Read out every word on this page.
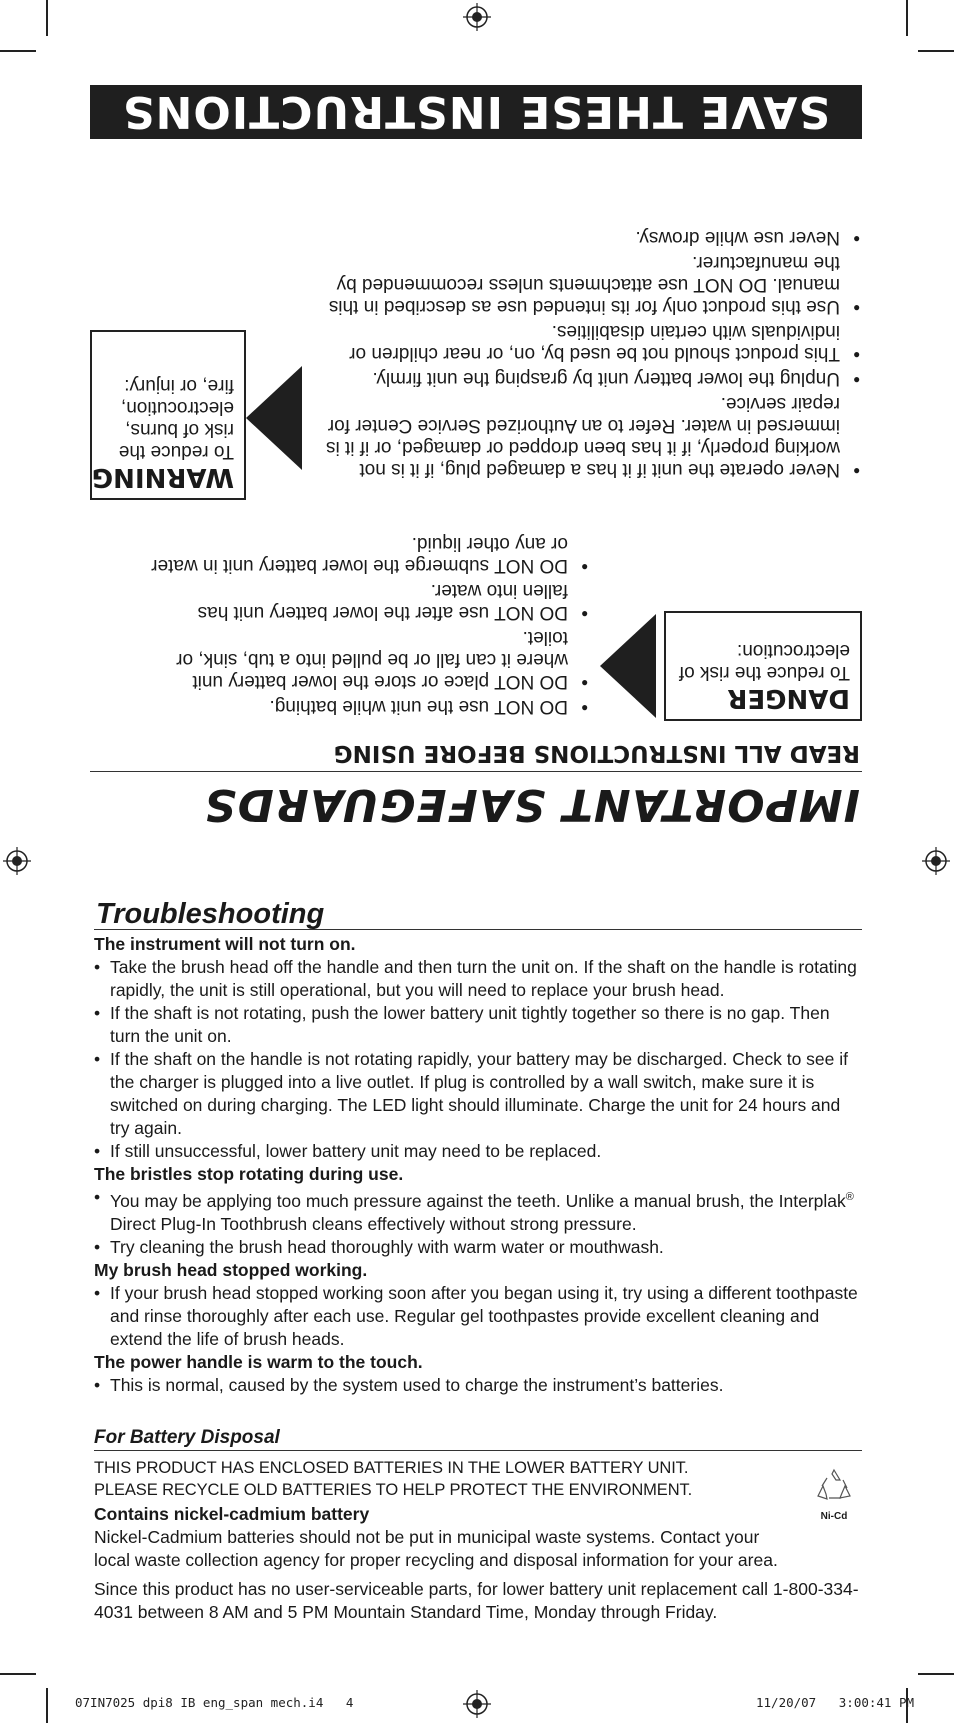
IMPORTANT SAFEGUARDS
READ ALL INSTRUCTIONS BEFORE USING
DANGER
To reduce the risk of electrocution:
• DO NOT use the unit while bathing.
• DO NOT place or store the lower battery unit where it can fall or be pulled into a tub, sink, or toilet.
• DO NOT use after the lower battery unit has fallen into water.
• DO NOT submerge the lower battery unit in water or any other liquid.
WARNING
To reduce the risk of burns, electrocution, fire, or injury:
• Never operate the unit if it has a damaged plug, if it is not working properly, if it has been dropped or damaged, or if it is immersed in water. Refer to an Authorized Service Center for repair service.
• Unplug the lower battery unit by grasping the unit firmly.
• This product should not be used by, on, or near children or individuals with certain disabilities.
• Use this product only for its intended use as described in this manual. DO NOT use attachments unless recommended by the manufacturer.
• Never use while drowsy.
SAVE THESE INSTRUCTIONS
Troubleshooting
The instrument will not turn on.
• Take the brush head off the handle and then turn the unit on. If the shaft on the handle is rotating rapidly, the unit is still operational, but you will need to replace your brush head.
• If the shaft is not rotating, push the lower battery unit tightly together so there is no gap. Then turn the unit on.
• If the shaft on the handle is not rotating rapidly, your battery may be discharged. Check to see if the charger is plugged into a live outlet. If plug is controlled by a wall switch, make sure it is switched on during charging. The LED light should illuminate. Charge the unit for 24 hours and try again.
• If still unsuccessful, lower battery unit may need to be replaced.
The bristles stop rotating during use.
• You may be applying too much pressure against the teeth. Unlike a manual brush, the Interplak® Direct Plug-In Toothbrush cleans effectively without strong pressure.
• Try cleaning the brush head thoroughly with warm water or mouthwash.
My brush head stopped working.
• If your brush head stopped working soon after you began using it, try using a different toothpaste and rinse thoroughly after each use. Regular gel toothpastes provide excellent cleaning and extend the life of brush heads.
The power handle is warm to the touch.
• This is normal, caused by the system used to charge the instrument’s batteries.
For Battery Disposal
THIS PRODUCT HAS ENCLOSED BATTERIES IN THE LOWER BATTERY UNIT.
PLEASE RECYCLE OLD BATTERIES TO HELP PROTECT THE ENVIRONMENT.
Contains nickel-cadmium battery
Nickel-Cadmium batteries should not be put in municipal waste systems. Contact your local waste collection agency for proper recycling and disposal information for your area.
Since this product has no user-serviceable parts, for lower battery unit replacement call 1-800-334-4031 between 8 AM and 5 PM Mountain Standard Time, Monday through Friday.
Ni-Cd
07IN7025 dpi8 IB eng_span mech.i4   4	11/20/07   3:00:41 PM
